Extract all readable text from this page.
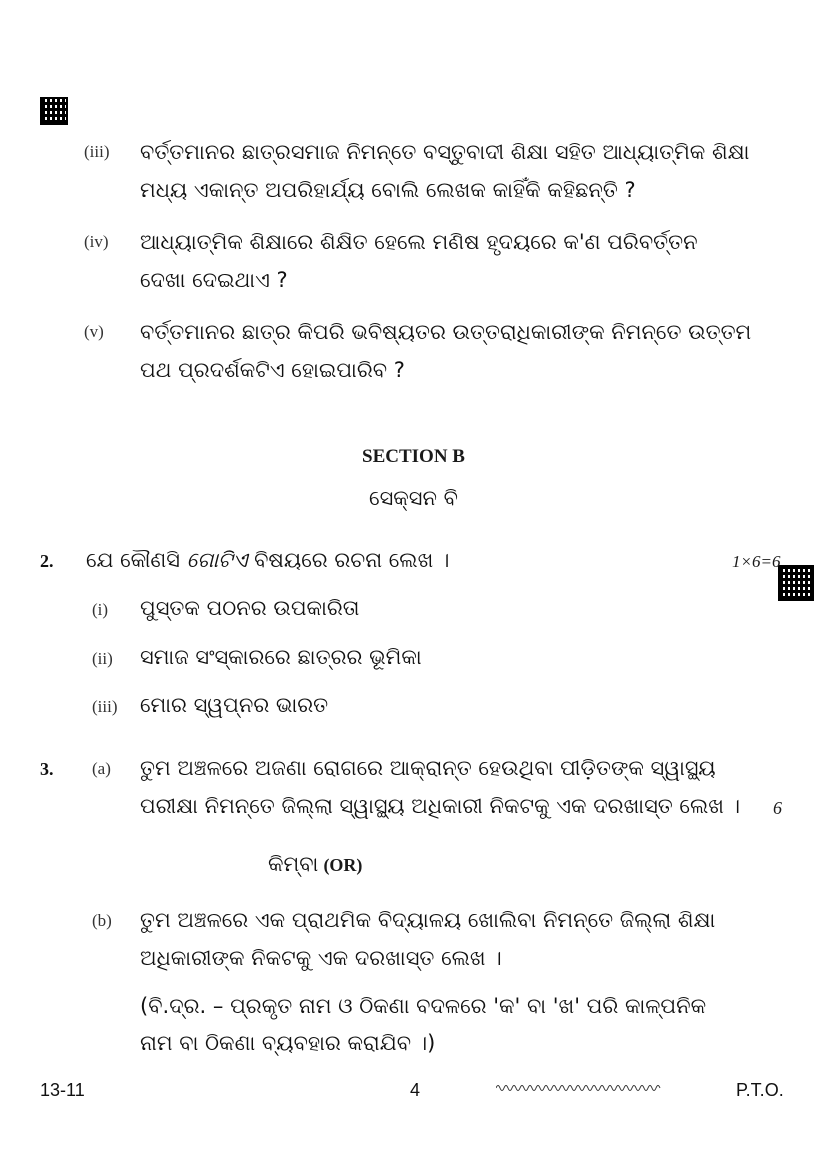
(iii) ବର୍ତ୍ତମାନର ଛାତ୍ରସମାଜ ନିମନ୍ତେ ବସ୍ତୁବାଦୀ ଶିକ୍ଷା ସହିତ ଆଧ୍ୟାତ୍ମିକ ଶିକ୍ଷା
ମଧ୍ୟ ଏକାନ୍ତ ଅପରିହାର୍ଯ୍ୟ ବୋଲି ଲେଖକ କାହିଁକି କହିଛନ୍ତି ?
(iv) ଆଧ୍ୟାତ୍ମିକ ଶିକ୍ଷାରେ ଶିକ୍ଷିତ ହେଲେ ମଣିଷ ହୃଦୟରେ କ'ଣ ପରିବର୍ତ୍ତନ
ଦେଖା ଦେଇଥାଏ ?
(v) ବର୍ତ୍ତମାନର ଛାତ୍ର କିପରି ଭବିଷ୍ୟତର ଉତ୍ତରାଧିକାରୀଙ୍କ ନିମନ୍ତେ ଉତ୍ତମ
ପଥ ପ୍ରଦର୍ଶକଟିଏ ହୋଇପାରିବ ?
SECTION B
ସେକ୍ସନ ବି
2. ଯେ କୌଣସି ଗୋଟିଏ ବିଷୟରେ ରଚନା ଲେଖ ।	1×6=6
(i) ପୁସ୍ତକ ପଠନର ଉପକାରିତା
(ii) ସମାଜ ସଂସ୍କାରରେ ଛାତ୍ରର ଭୂମିକା
(iii) ମୋର ସ୍ୱପ୍ନର ଭାରତ
3. (a) ତୁମ ଅଞ୍ଚଳରେ ଅଜଣା ରୋଗରେ ଆକ୍ରାନ୍ତ ହେଉଥିବା ପୀଡ଼ିତଙ୍କ ସ୍ୱାସ୍ଥ୍ୟ
ପରୀକ୍ଷା ନିମନ୍ତେ ଜିଲ୍ଲା ସ୍ୱାସ୍ଥ୍ୟ ଅଧିକାରୀ ନିକଟକୁ ଏକ ଦରଖାସ୍ତ ଲେଖ । 6
କିମ୍ବା (OR)
(b) ତୁମ ଅଞ୍ଚଳରେ ଏକ ପ୍ରାଥମିକ ବିଦ୍ୟାଳୟ ଖୋଲିବା ନିମନ୍ତେ ଜିଲ୍ଲା ଶିକ୍ଷା
ଅଧିକାରୀଙ୍କ ନିକଟକୁ ଏକ ଦରଖାସ୍ତ ଲେଖ ।
(ବି.ଦ୍ର. – ପ୍ରକୃତ ନାମ ଓ ଠିକଣା ବଦଳରେ 'କ' ବା 'ଖ' ପରି କାଳ୍ପନିକ
ନାମ ବା ଠିକଣା ବ୍ୟବହାର କରାଯିବ ।)
13-11	4	P.T.O.
